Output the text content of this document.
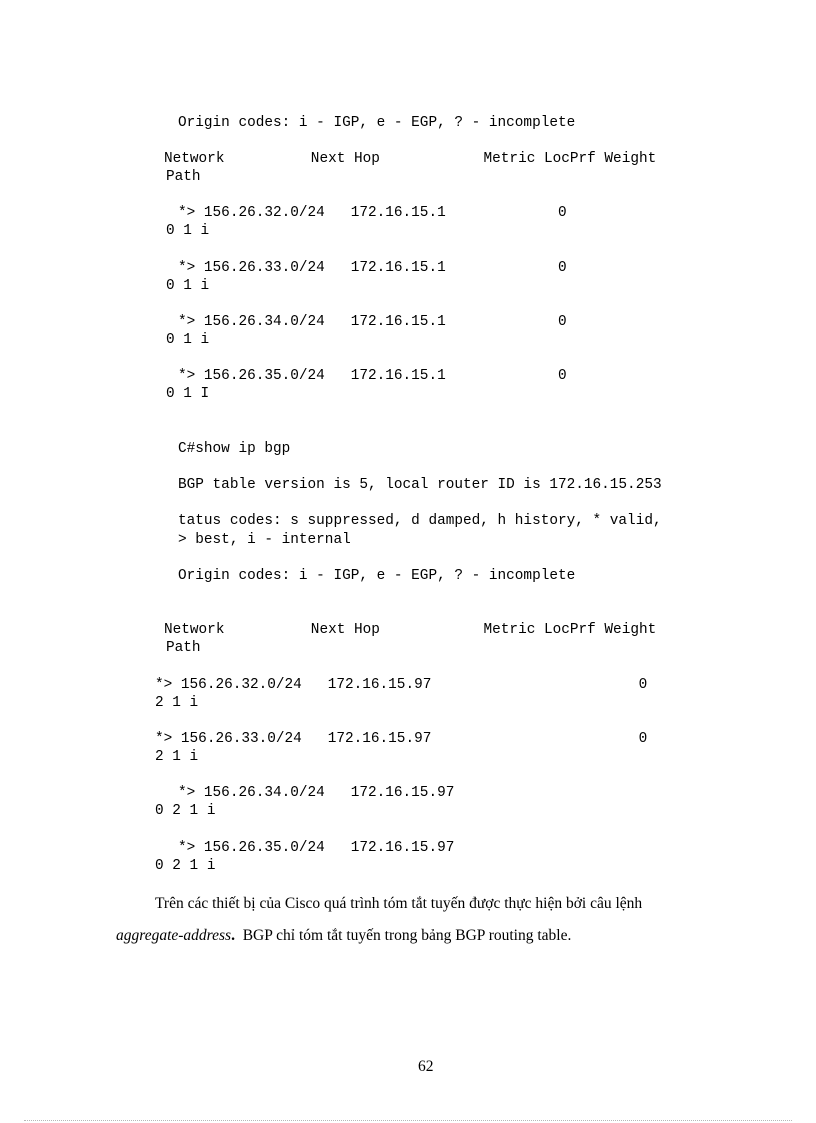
Origin codes: i - IGP, e - EGP, ? - incomplete
Network          Next Hop            Metric LocPrf Weight
Path
*> 156.26.32.0/24   172.16.15.1             0
0 1 i
*> 156.26.33.0/24   172.16.15.1             0
0 1 i
*> 156.26.34.0/24   172.16.15.1             0
0 1 i
*> 156.26.35.0/24   172.16.15.1             0
0 1 I
C#show ip bgp
BGP table version is 5, local router ID is 172.16.15.253
tatus codes: s suppressed, d damped, h history, * valid,
> best, i - internal
Origin codes: i - IGP, e - EGP, ? - incomplete
Network          Next Hop            Metric LocPrf Weight
Path
*> 156.26.32.0/24   172.16.15.97                        0
2 1 i
*> 156.26.33.0/24   172.16.15.97                        0
2 1 i
*> 156.26.34.0/24   172.16.15.97
0 2 1 i
*> 156.26.35.0/24   172.16.15.97
0 2 1 i
Trên các thiết bị của Cisco quá trình tóm tắt tuyến được thực hiện bởi câu lệnh
aggregate-address.  BGP chỉ tóm tắt tuyến trong bảng BGP routing table.
62
